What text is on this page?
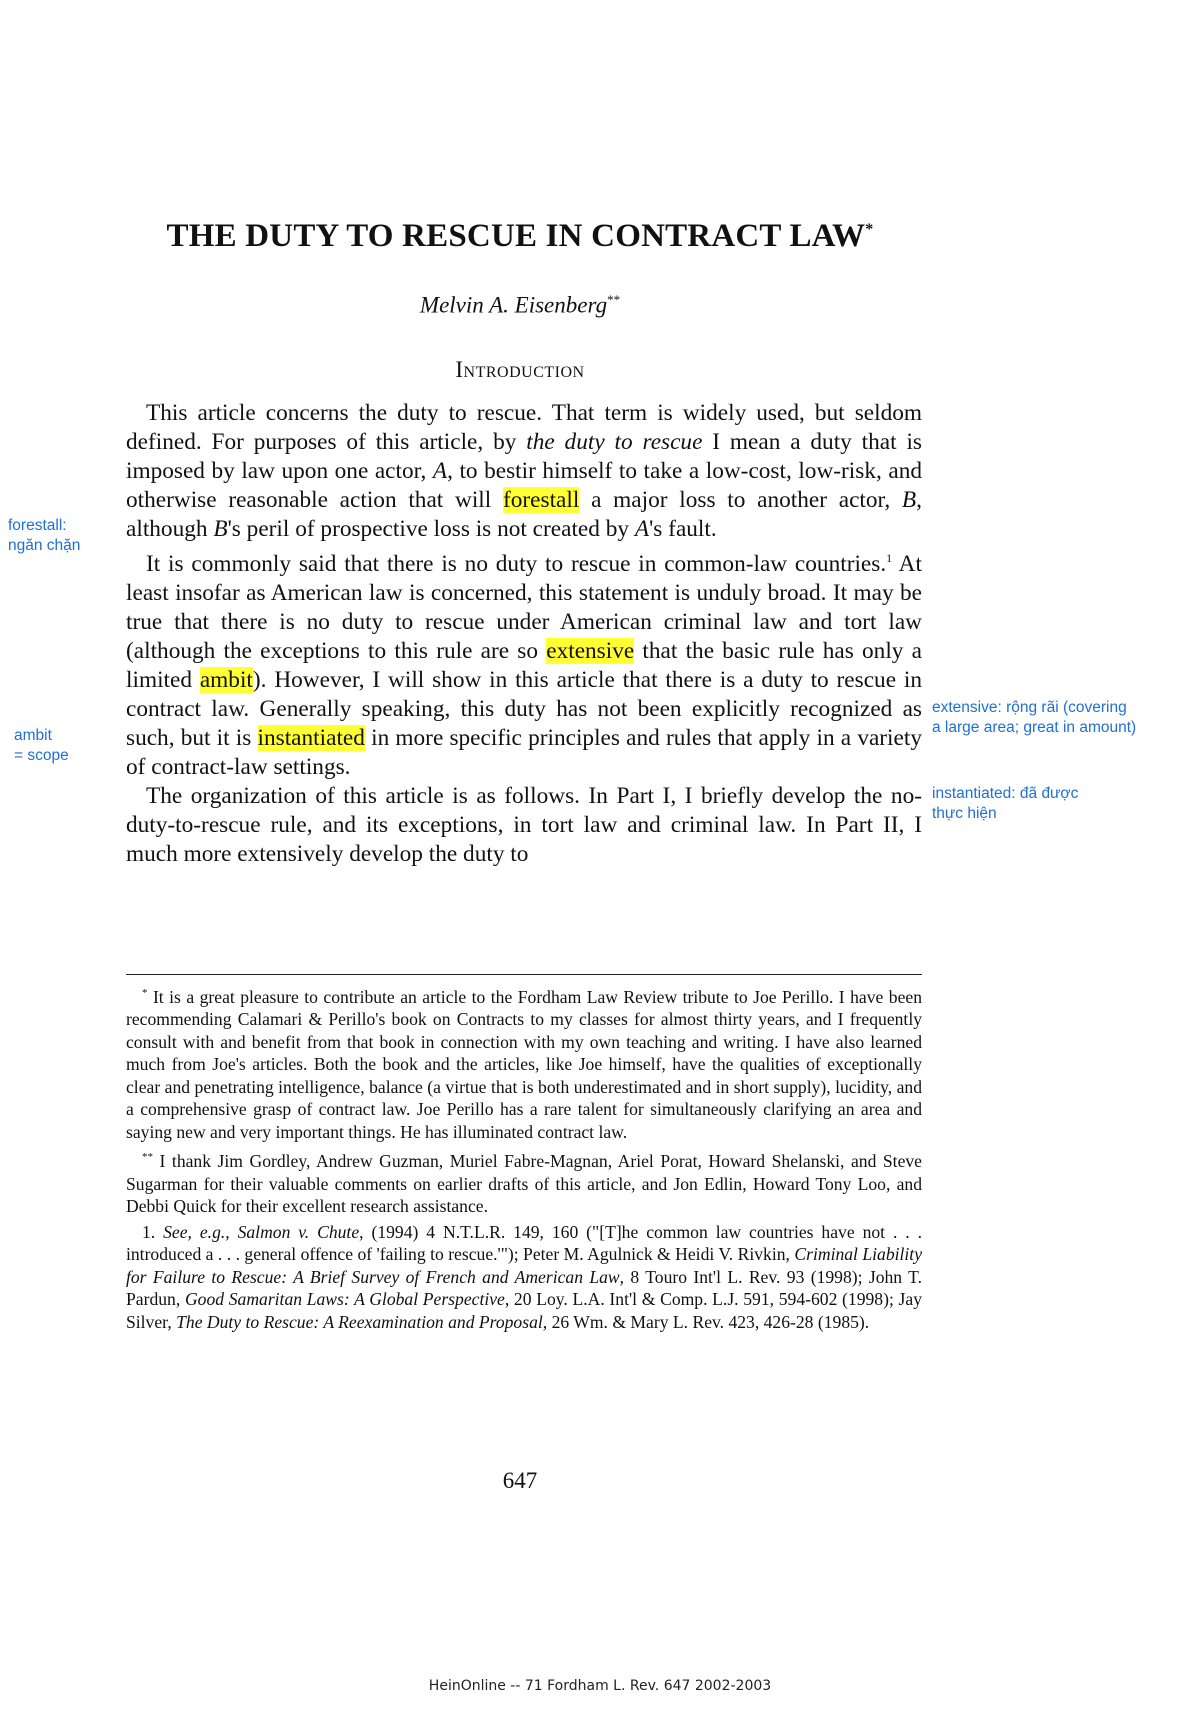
THE DUTY TO RESCUE IN CONTRACT LAW*
Melvin A. Eisenberg**
Introduction

This article concerns the duty to rescue. That term is widely used, but seldom defined. For purposes of this article, by the duty to rescue I mean a duty that is imposed by law upon one actor, A, to bestir himself to take a low-cost, low-risk, and otherwise reasonable action that will forestall a major loss to another actor, B, although B's peril of prospective loss is not created by A's fault.

It is commonly said that there is no duty to rescue in common-law countries.$^1$ At least insofar as American law is concerned, this statement is unduly broad. It may be true that there is no duty to rescue under American criminal law and tort law (although the exceptions to this rule are so extensive that the basic rule has only a limited ambit). However, I will show in this article that there is a duty to rescue in contract law. Generally speaking, this duty has not been explicitly recognized as such, but it is instantiated in more specific principles and rules that apply in a variety of contract-law settings.

The organization of this article is as follows. In Part I, I briefly develop the no-duty-to-rescue rule, and its exceptions, in tort law and criminal law. In Part II, I much more extensively develop the duty to

* It is a great pleasure to contribute an article to the Fordham Law Review tribute to Joe Perillo. I have been recommending Calamari & Perillo's book on Contracts to my classes for almost thirty years, and I frequently consult with and benefit from that book in connection with my own teaching and writing. I have also learned much from Joe's articles. Both the book and the articles, like Joe himself, have the qualities of exceptionally clear and penetrating intelligence, balance (a virtue that is both underestimated and in short supply), lucidity, and a comprehensive grasp of contract law. Joe Perillo has a rare talent for simultaneously clarifying an area and saying new and very important things. He has illuminated contract law.

** I thank Jim Gordley, Andrew Guzman, Muriel Fabre-Magnan, Ariel Porat, Howard Shelanski, and Steve Sugarman for their valuable comments on earlier drafts of this article, and Jon Edlin, Howard Tony Loo, and Debbi Quick for their excellent research assistance.

1. See, e.g., Salmon v. Chute, (1994) 4 N.T.L.R. 149, 160 ("[T]he common law countries have not . . . introduced a . . . general offence of 'failing to rescue.'"); Peter M. Agulnick & Heidi V. Rivkin, Criminal Liability for Failure to Rescue: A Brief Survey of French and American Law, 8 Touro Int'l L. Rev. 93 (1998); John T. Pardun, Good Samaritan Laws: A Global Perspective, 20 Loy. L.A. Int'l & Comp. L.J. 591, 594-602 (1998); Jay Silver, The Duty to Rescue: A Reexamination and Proposal, 26 Wm. & Mary L. Rev. 423, 426-28 (1985).

647
HeinOnline -- 71 Fordham L. Rev. 647 2002-2003
forestall:
ngăn chặn
ambit
= scope
extensive: rộng rãi (covering
a large area; great in amount)
instantiated: đã được
thực hiện
